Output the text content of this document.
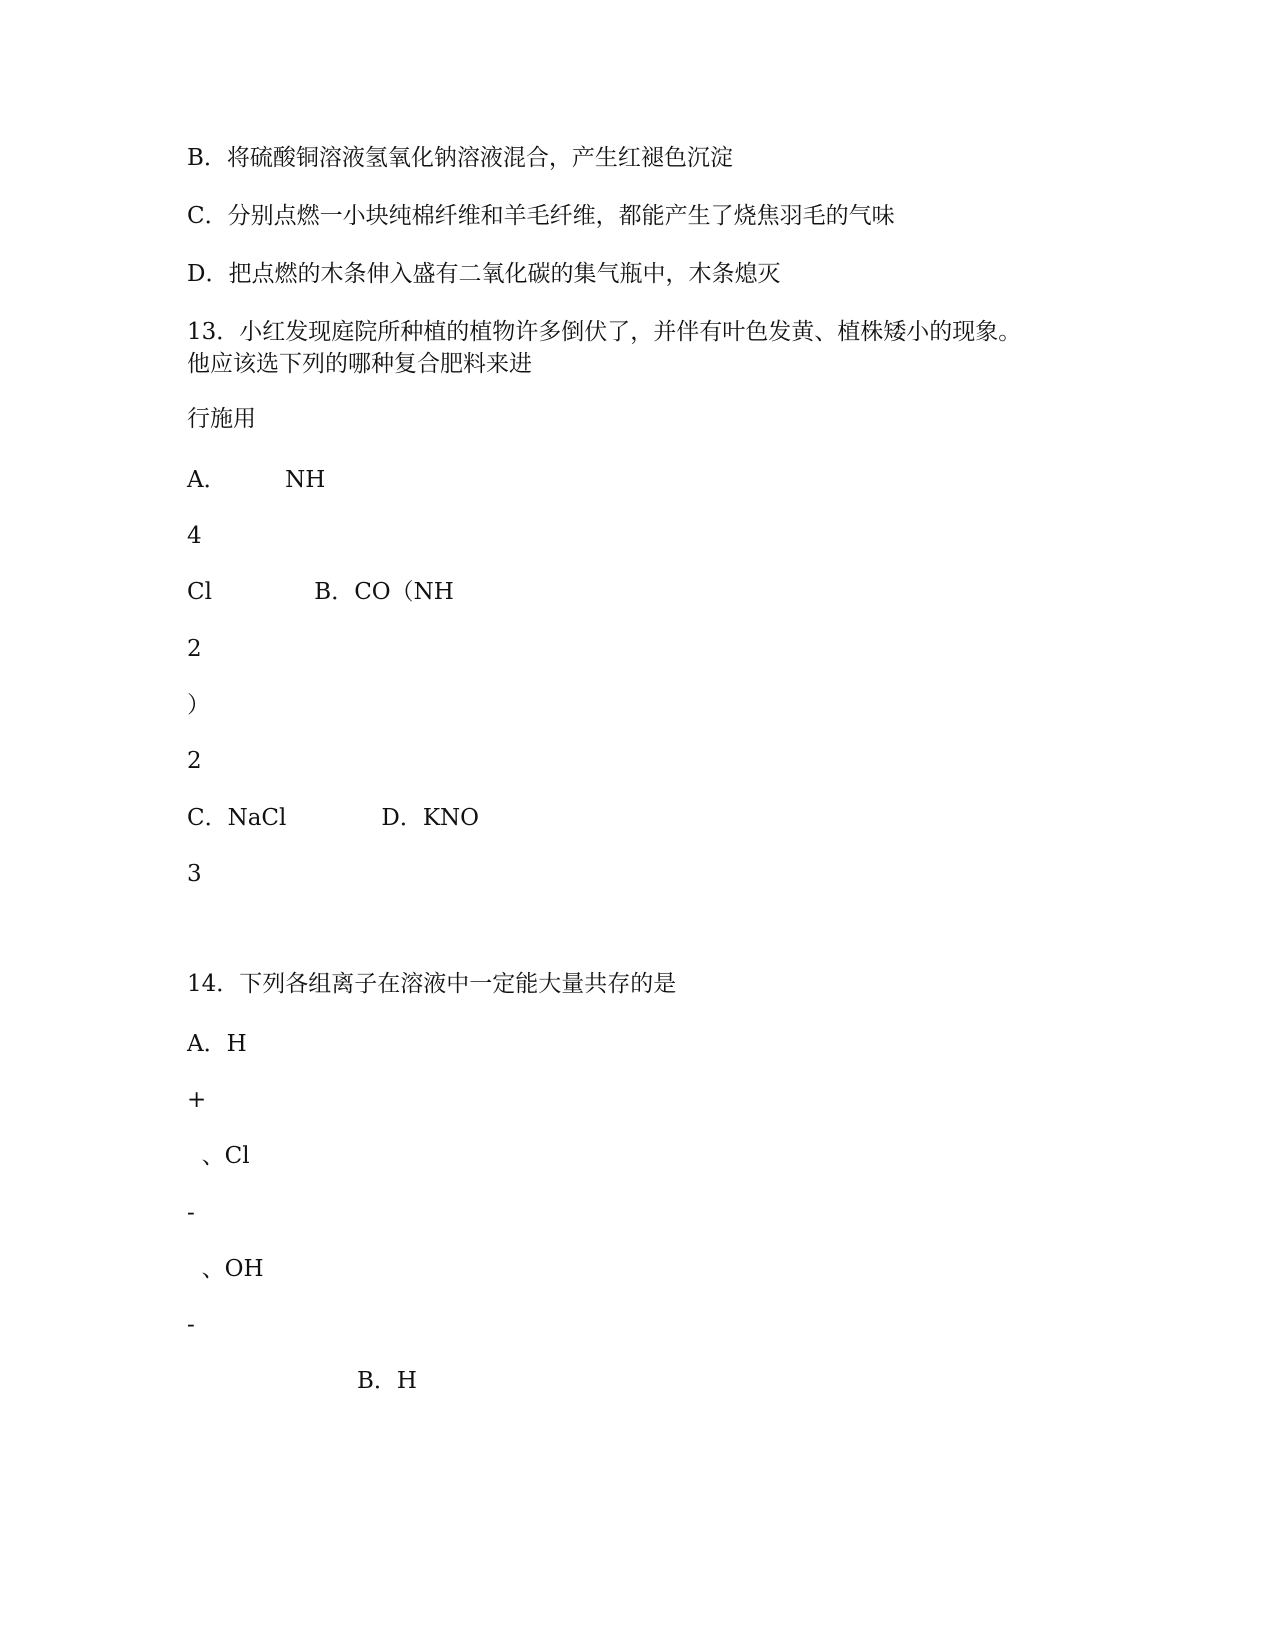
B．将硫酸铜溶液氢氧化钠溶液混合，产生红褪色沉淀
C．分别点燃一小块纯棉纤维和羊毛纤维，都能产生了烧焦羽毛的气味
D．把点燃的木条伸入盛有二氧化碳的集气瓶中，木条熄灭
13．小红发现庭院所种植的植物许多倒伏了，并伴有叶色发黄、植株矮小的现象。
他应该选下列的哪种复合肥料来进
行施用
A．        NH
4
Cl              B．CO（NH
2
）
2
C．NaCl             D．KNO
3
14．下列各组离子在溶液中一定能大量共存的是
A．H
+
、Cl
-
、OH
-
B．H
